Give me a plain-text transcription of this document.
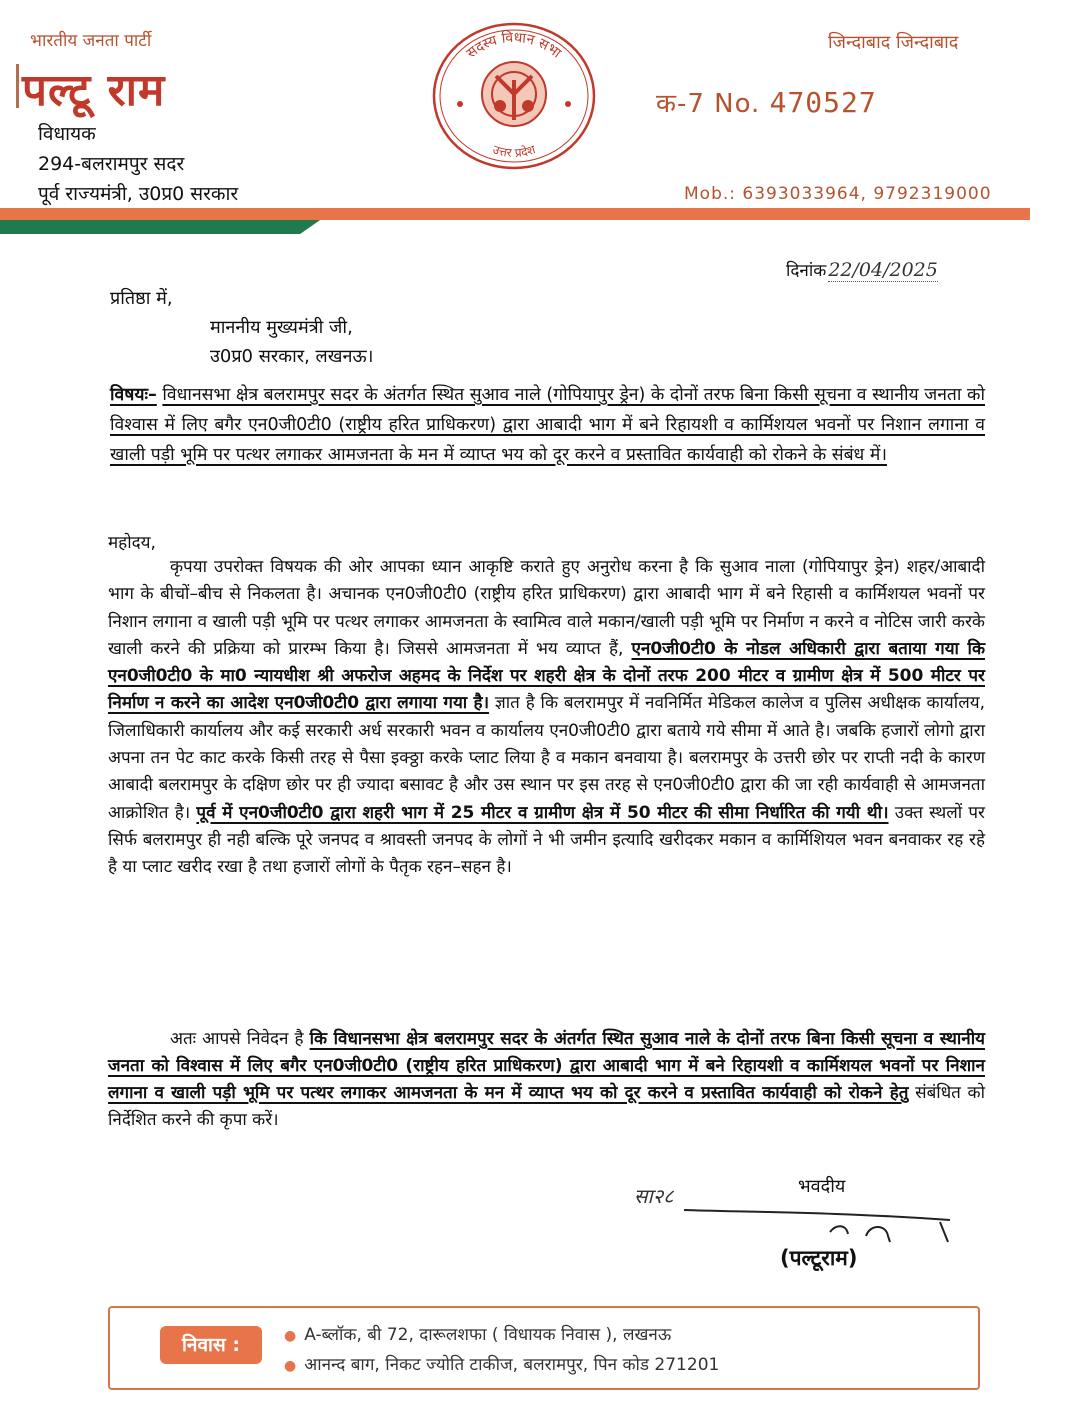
भारतीय जनता पार्टी
पल्टू राम
विधायक
294-बलरामपुर सदर
पूर्व राज्यमंत्री, उ0प्र0 सरकार
सदस्य विधान सभा
उत्तर प्रदेश
जिन्दाबाद जिन्दाबाद
क-7 No. 470527
Mob.: 6393033964, 9792319000
दिनांक 22/04/2025
प्रतिष्ठा में,
माननीय मुख्यमंत्री जी,
उ0प्र0 सरकार, लखनऊ।
विषयः– विधानसभा क्षेत्र बलरामपुर सदर के अंतर्गत स्थित सुआव नाले (गोपियापुर ड्रेन) के दोनों तरफ बिना किसी सूचना व स्थानीय जनता को विश्वास में लिए बगैर एन0जी0टी0 (राष्ट्रीय हरित प्राधिकरण) द्वारा आबादी भाग में बने रिहायशी व कार्मिशयल भवनों पर निशान लगाना व खाली पड़ी भूमि पर पत्थर लगाकर आमजनता के मन में व्याप्त भय को दूर करने व प्रस्तावित कार्यवाही को रोकने के संबंध में।
महोदय,

कृपया उपरोक्त विषयक की ओर आपका ध्यान आकृष्टि कराते हुए अनुरोध करना है कि सुआव नाला (गोपियापुर ड्रेन) शहर/आबादी भाग के बीचों–बीच से निकलता है। अचानक एन0जी0टी0 (राष्ट्रीय हरित प्राधिकरण) द्वारा आबादी भाग में बने रिहासी व कार्मिशयल भवनों पर निशान लगाना व खाली पड़ी भूमि पर पत्थर लगाकर आमजनता के स्वामित्व वाले मकान/खाली पड़ी भूमि पर निर्माण न करने व नोटिस जारी करके खाली करने की प्रक्रिया को प्रारम्भ किया है। जिससे आमजनता में भय व्याप्त हैं, एन0जी0टी0 के नोडल अधिकारी द्वारा बताया गया कि एन0जी0टी0 के मा0 न्यायधीश श्री अफरोज अहमद के निर्देश पर शहरी क्षेत्र के दोनों तरफ 200 मीटर व ग्रामीण क्षेत्र में 500 मीटर पर निर्माण न करने का आदेश एन0जी0टी0 द्वारा लगाया गया है। ज्ञात है कि बलरामपुर में नवनिर्मित मेडिकल कालेज व पुलिस अधीक्षक कार्यालय, जिलाधिकारी कार्यालय और कई सरकारी अर्ध सरकारी भवन व कार्यालय एन0जी0टी0 द्वारा बताये गये सीमा में आते है। जबकि हजारों लोगो द्वारा अपना तन पेट काट करके किसी तरह से पैसा इक्ठ्ठा करके प्लाट लिया है व मकान बनवाया है। बलरामपुर के उत्तरी छोर पर राप्ती नदी के कारण आबादी बलरामपुर के दक्षिण छोर पर ही ज्यादा बसावट है और उस स्थान पर इस तरह से एन0जी0टी0 द्वारा की जा रही कार्यवाही से आमजनता आक्रोशित है। पूर्व में एन0जी0टी0 द्वारा शहरी भाग में 25 मीटर व ग्रामीण क्षेत्र में 50 मीटर की सीमा निर्धारित की गयी थी। उक्त स्थलों पर सिर्फ बलरामपुर ही नही बल्कि पूरे जनपद व श्रावस्ती जनपद के लोगों ने भी जमीन इत्यादि खरीदकर मकान व कार्मिशियल भवन बनवाकर रह रहे है या प्लाट खरीद रखा है तथा हजारों लोगों के पैतृक रहन–सहन है।

अतः आपसे निवेदन है कि विधानसभा क्षेत्र बलरामपुर सदर के अंतर्गत स्थित सुआव नाले के दोनों तरफ बिना किसी सूचना व स्थानीय जनता को विश्वास में लिए बगैर एन0जी0टी0 (राष्ट्रीय हरित प्राधिकरण) द्वारा आबादी भाग में बने रिहायशी व कार्मिशयल भवनों पर निशान लगाना व खाली पड़ी भूमि पर पत्थर लगाकर आमजनता के मन में व्याप्त भय को दूर करने व प्रस्तावित कार्यवाही को रोकने हेतु संबंधित को निर्देशित करने की कृपा करें।

भवदीय
सा२८
(पल्टूराम)
निवास :	● A-ब्लॉक, बी 72, दारूलशफा ( विधायक निवास ), लखनऊ
● आनन्द बाग, निकट ज्योति टाकीज, बलरामपुर, पिन कोड 271201
